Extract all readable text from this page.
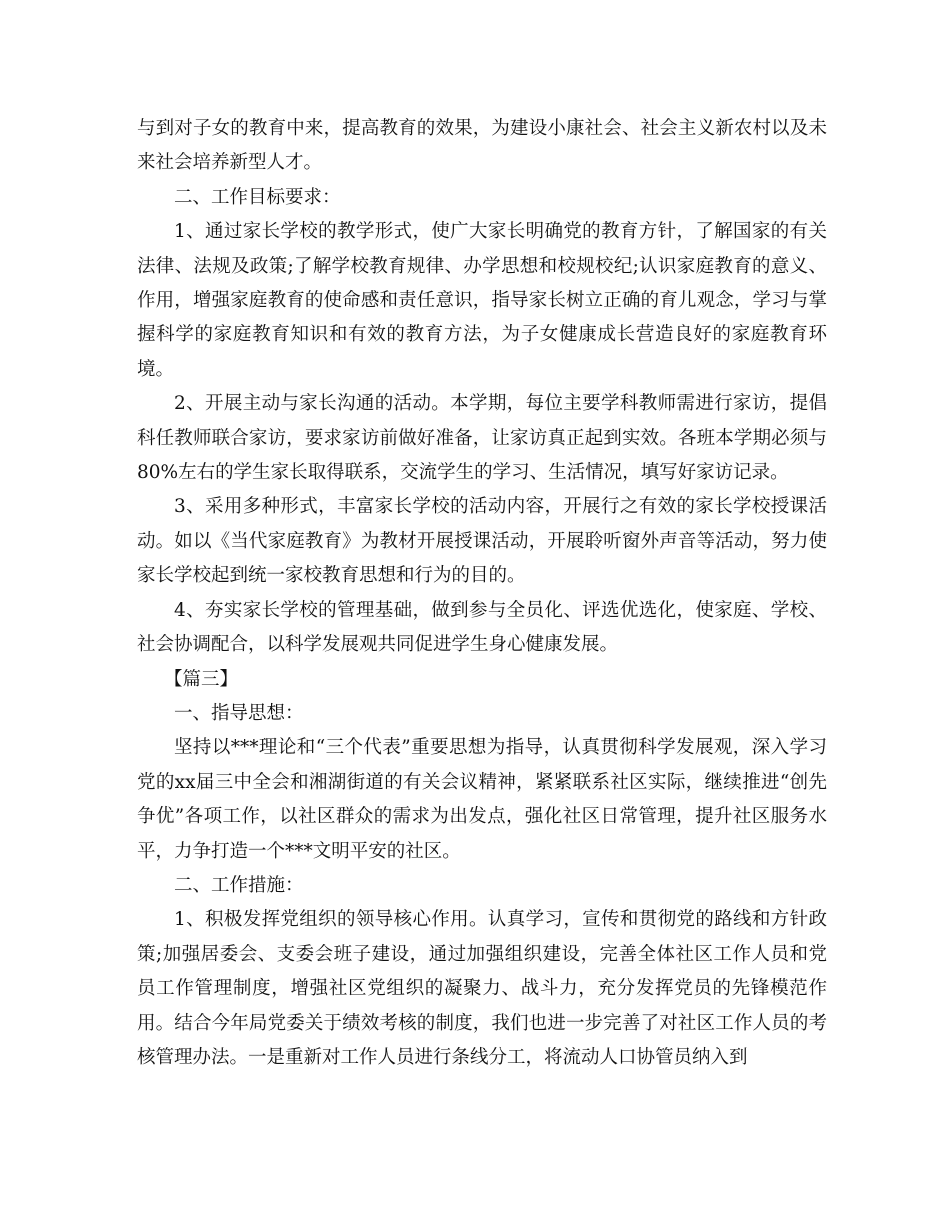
与到对子女的教育中来，提高教育的效果，为建设小康社会、社会主义新农村以及未来社会培养新型人才。

二、工作目标要求：

1、通过家长学校的教学形式，使广大家长明确党的教育方针，了解国家的有关法律、法规及政策;了解学校教育规律、办学思想和校规校纪;认识家庭教育的意义、作用，增强家庭教育的使命感和责任意识，指导家长树立正确的育儿观念，学习与掌握科学的家庭教育知识和有效的教育方法，为子女健康成长营造良好的家庭教育环境。

2、开展主动与家长沟通的活动。本学期，每位主要学科教师需进行家访，提倡科任教师联合家访，要求家访前做好准备，让家访真正起到实效。各班本学期必须与80%左右的学生家长取得联系，交流学生的学习、生活情况，填写好家访记录。

3、采用多种形式，丰富家长学校的活动内容，开展行之有效的家长学校授课活动。如以《当代家庭教育》为教材开展授课活动，开展聆听窗外声音等活动，努力使家长学校起到统一家校教育思想和行为的目的。

4、夯实家长学校的管理基础，做到参与全员化、评选优选化，使家庭、学校、社会协调配合，以科学发展观共同促进学生身心健康发展。

【篇三】

一、指导思想：

坚持以***理论和“三个代表”重要思想为指导，认真贯彻科学发展观，深入学习党的xx届三中全会和湘湖街道的有关会议精神，紧紧联系社区实际，继续推进“创先争优”各项工作，以社区群众的需求为出发点，强化社区日常管理，提升社区服务水平，力争打造一个***文明平安的社区。

二、工作措施：

1、积极发挥党组织的领导核心作用。认真学习，宣传和贯彻党的路线和方针政策;加强居委会、支委会班子建设，通过加强组织建设，完善全体社区工作人员和党员工作管理制度，增强社区党组织的凝聚力、战斗力，充分发挥党员的先锋模范作用。结合今年局党委关于绩效考核的制度，我们也进一步完善了对社区工作人员的考核管理办法。一是重新对工作人员进行条线分工，将流动人口协管员纳入到
